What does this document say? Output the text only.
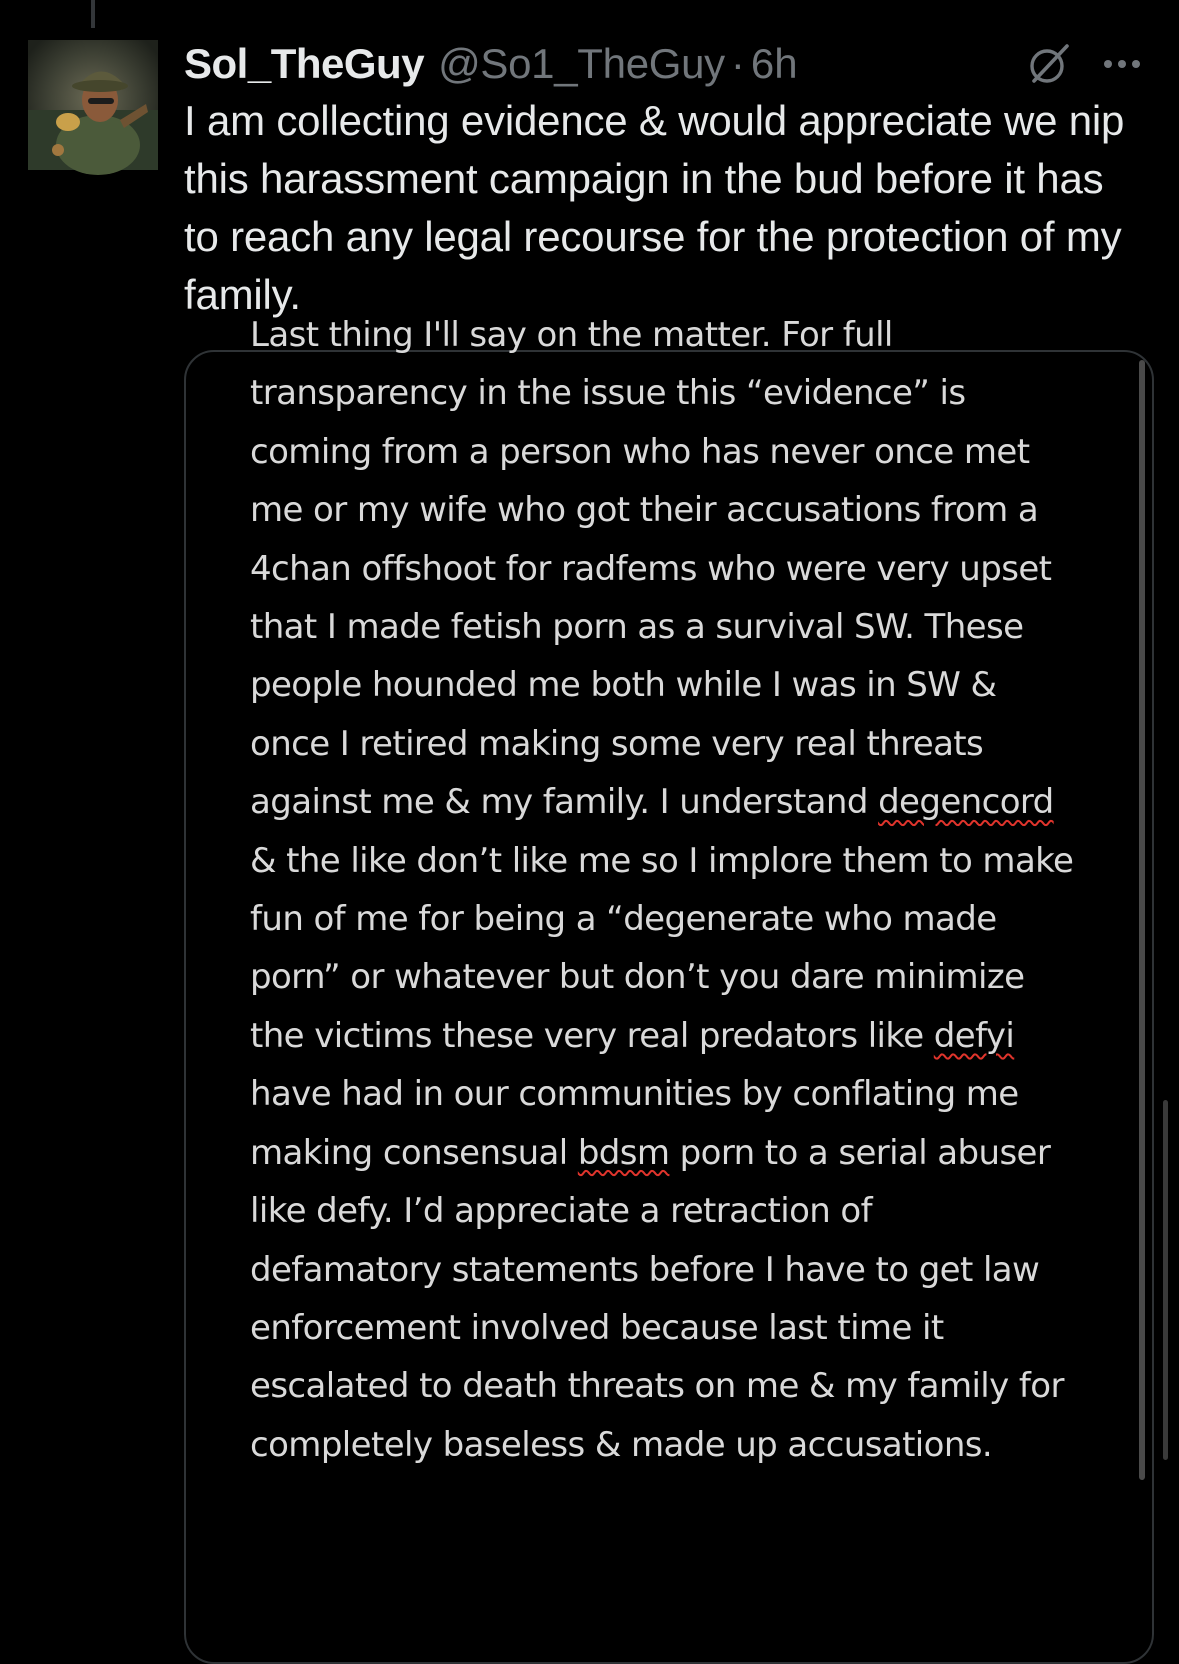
Sol_TheGuy @So1_TheGuy · 6h
I am collecting evidence & would appreciate we nip this harassment campaign in the bud before it has to reach any legal recourse for the protection of my family.
Last thing I'll say on the matter. For full
transparency in the issue this “evidence” is
coming from a person who has never once met
me or my wife who got their accusations from a
4chan offshoot for radfems who were very upset
that I made fetish porn as a survival SW. These
people hounded me both while I was in SW &
once I retired making some very real threats
against me & my family. I understand degencord
& the like don’t like me so I implore them to make
fun of me for being a “degenerate who made
porn” or whatever but don’t you dare minimize
the victims these very real predators like defyi
have had in our communities by conflating me
making consensual bdsm porn to a serial abuser
like defy. I’d appreciate a retraction of
defamatory statements before I have to get law
enforcement involved because last time it
escalated to death threats on me & my family for
completely baseless & made up accusations.
